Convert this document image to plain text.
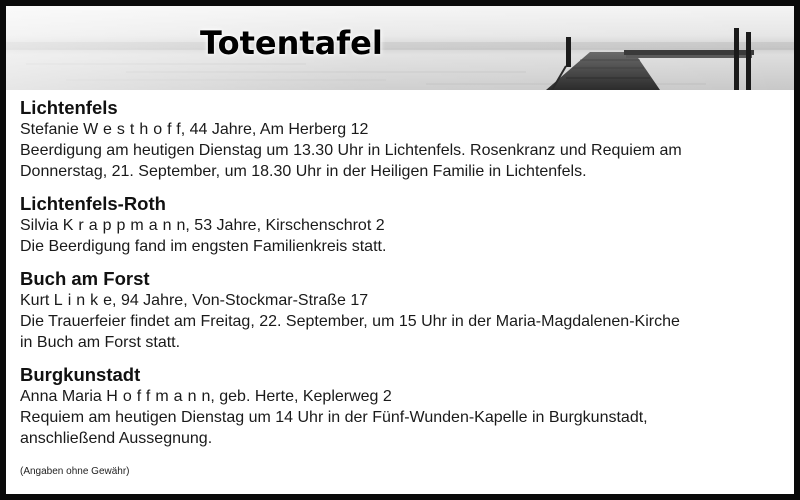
Totentafel
Lichtenfels
Stefanie Westhoff, 44 Jahre, Am Herberg 12
Beerdigung am heutigen Dienstag um 13.30 Uhr in Lichtenfels. Rosenkranz und Requiem am
Donnerstag, 21. September, um 18.30 Uhr in der Heiligen Familie in Lichtenfels.
Lichtenfels-Roth
Silvia Krappmann, 53 Jahre, Kirschenschrot 2
Die Beerdigung fand im engsten Familienkreis statt.
Buch am Forst
Kurt Linke, 94 Jahre, Von-Stockmar-Straße 17
Die Trauerfeier findet am Freitag, 22. September, um 15 Uhr in der Maria-Magdalenen-Kirche
in Buch am Forst statt.
Burgkunstadt
Anna Maria Hoffmann, geb. Herte, Keplerweg 2
Requiem am heutigen Dienstag um 14 Uhr in der Fünf-Wunden-Kapelle in Burgkunstadt,
anschließend Aussegnung.
(Angaben ohne Gewähr)
